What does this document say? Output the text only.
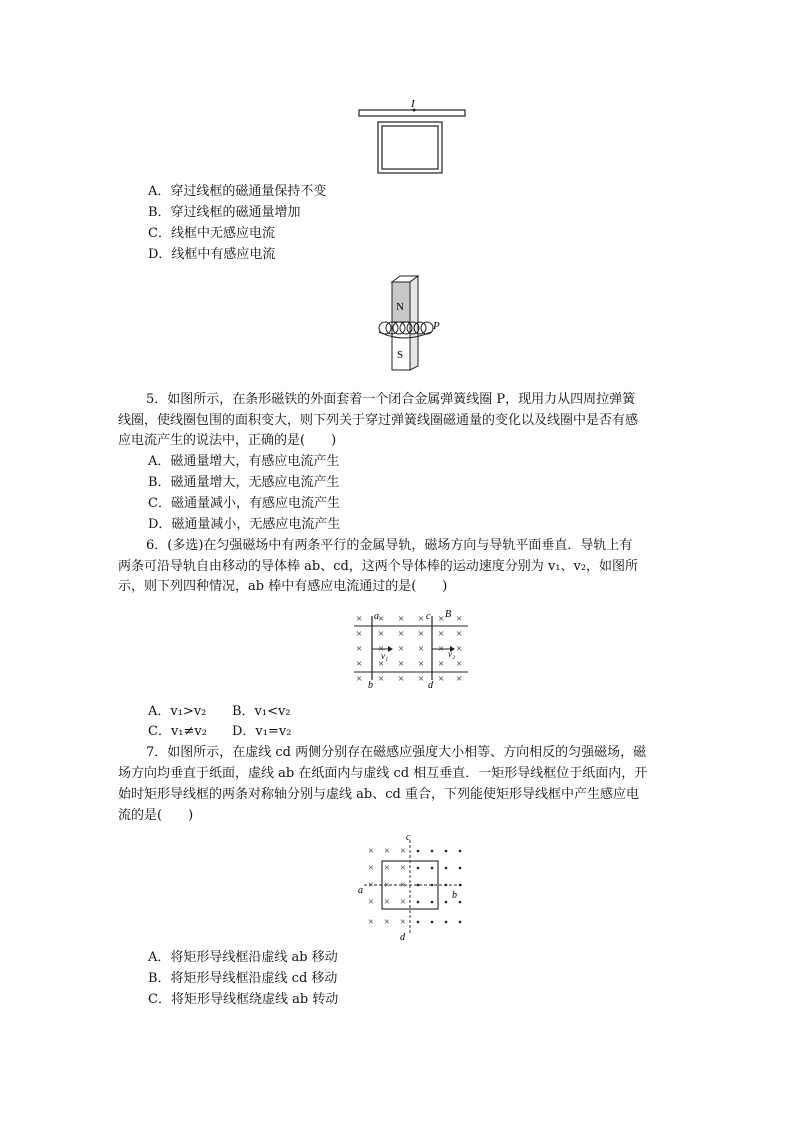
I
A．穿过线框的磁通量保持不变
B．穿过线框的磁通量增加
C．线框中无感应电流
D．线框中有感应电流
N
S
P
5．如图所示，在条形磁铁的外面套着一个闭合金属弹簧线圈 P，现用力从四周拉弹簧
线圈，使线圈包围的面积变大，则下列关于穿过弹簧线圈磁通量的变化以及线圈中是否有感
应电流产生的说法中，正确的是(　　)
A．磁通量增大，有感应电流产生
B．磁通量增大，无感应电流产生
C．磁通量减小，有感应电流产生
D．磁通量减小，无感应电流产生
6．(多选)在匀强磁场中有两条平行的金属导轨，磁场方向与导轨平面垂直．导轨上有
两条可沿导轨自由移动的导体棒 ab、cd，这两个导体棒的运动速度分别为 v₁、v₂，如图所
示，则下列四种情况，ab 棒中有感应电流通过的是(　　)
× × × × × ×
× × × × × ×
× × × × × ×
× × × × × ×
× × × × × ×
a
b
c
d
B
v₁	v₂
A．v₁>v₂ B．v₁<v₂
C．v₁≠v₂ D．v₁=v₂
7．如图所示，在虚线 cd 两侧分别存在磁感应强度大小相等、方向相反的匀强磁场，磁
场方向均垂直于纸面，虚线 ab 在纸面内与虚线 cd 相互垂直．一矩形导线框位于纸面内，开
始时矩形导线框的两条对称轴分别与虚线 ab、cd 重合，下列能使矩形导线框中产生感应电
流的是(　　)
× × ×
× × ×
× × ×
× × ×
× × ×
c
d
a	b
A．将矩形导线框沿虚线 ab 移动
B．将矩形导线框沿虚线 cd 移动
C．将矩形导线框绕虚线 ab 转动
